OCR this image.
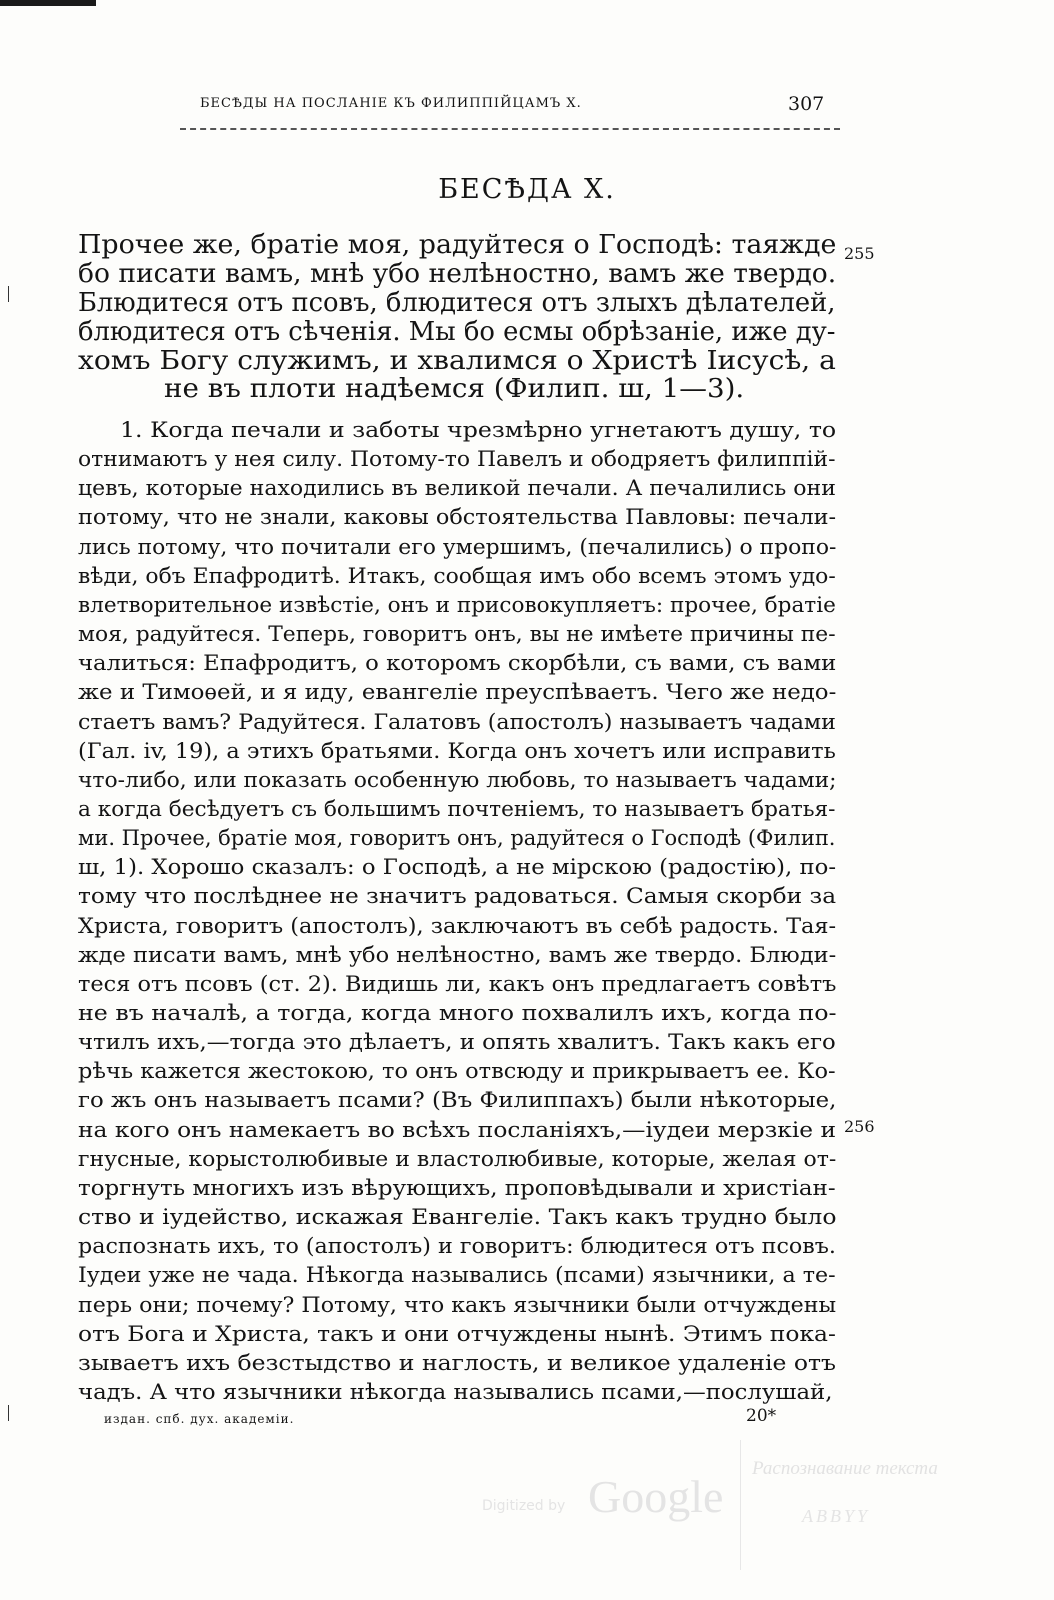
БЕСѢДЫ НА ПОСЛАНІЕ КЪ ФИЛИППІЙЦАМЪ X.	307
БЕСѢДА X.
Прочее же, братіе моя, радуйтеся о Господѣ: таяжде
бо писати вамъ, мнѣ убо нелѣностно, вамъ же твердо.
Блюдитеся отъ псовъ, блюдитеся отъ злыхъ дѣлателей,
блюдитеся отъ сѣченія. Мы бо есмы обрѣзаніе, иже ду-
хомъ Богу служимъ, и хвалимся о Христѣ Іисусѣ, а
не въ плоти надѣемся (Филип. ш, 1—3).
1. Когда печали и заботы чрезмѣрно угнетаютъ душу, то
отнимаютъ у нея силу. Потому-то Павелъ и ободряетъ филиппій-
цевъ, которые находились въ великой печали. А печалились они
потому, что не знали, каковы обстоятельства Павловы: печали-
лись потому, что почитали его умершимъ, (печалились) о пропо-
вѣди, объ Епафродитѣ. Итакъ, сообщая имъ обо всемъ этомъ удо-
влетворительное извѣстіе, онъ и присовокупляетъ: прочее, братіе
моя, радуйтеся. Теперь, говоритъ онъ, вы не имѣете причины пе-
чалиться: Епафродитъ, о которомъ скорбѣли, съ вами, съ вами
же и Тимоѳей, и я иду, евангеліе преуспѣваетъ. Чего же недо-
стаетъ вамъ? Радуйтеся. Галатовъ (апостолъ) называетъ чадами
(Гал. iv, 19), а этихъ братьями. Когда онъ хочетъ или исправить
что-либо, или показать особенную любовь, то называетъ чадами;
а когда бесѣдуетъ съ большимъ почтеніемъ, то называетъ братья-
ми. Прочее, братіе моя, говоритъ онъ, радуйтеся о Господѣ (Филип.
ш, 1). Хорошо сказалъ: о Господѣ, а не мірскою (радостію), по-
тому что послѣднее не значитъ радоваться. Самыя скорби за
Христа, говоритъ (апостолъ), заключаютъ въ себѣ радость. Тая-
жде писати вамъ, мнѣ убо нелѣностно, вамъ же твердо. Блюди-
теся отъ псовъ (ст. 2). Видишь ли, какъ онъ предлагаетъ совѣтъ
не въ началѣ, а тогда, когда много похвалилъ ихъ, когда по-
чтилъ ихъ,—тогда это дѣлаетъ, и опять хвалитъ. Такъ какъ его
рѣчь кажется жестокою, то онъ отвсюду и прикрываетъ ее. Ко-
го жъ онъ называетъ псами? (Въ Филиппахъ) были нѣкоторые,
на кого онъ намекаетъ во всѣхъ посланіяхъ,—іудеи мерзкіе и
гнусные, корыстолюбивые и властолюбивые, которые, желая от-
торгнуть многихъ изъ вѣрующихъ, проповѣдывали и христіан-
ство и іудейство, искажая Евангеліе. Такъ какъ трудно было
распознать ихъ, то (апостолъ) и говоритъ: блюдитеся отъ псовъ.
Іудеи уже не чада. Нѣкогда назывались (псами) язычники, а те-
перь они; почему? Потому, что какъ язычники были отчуждены
отъ Бога и Христа, такъ и они отчуждены нынѣ. Этимъ пока-
зываетъ ихъ безстыдство и наглость, и великое удаленіе отъ
чадъ. А что язычники нѣкогда назывались псами,—послушай,
255
256
издан. спб. дух. академіи.	20*
Digitized by Google
Распознавание текста
ABBYY
